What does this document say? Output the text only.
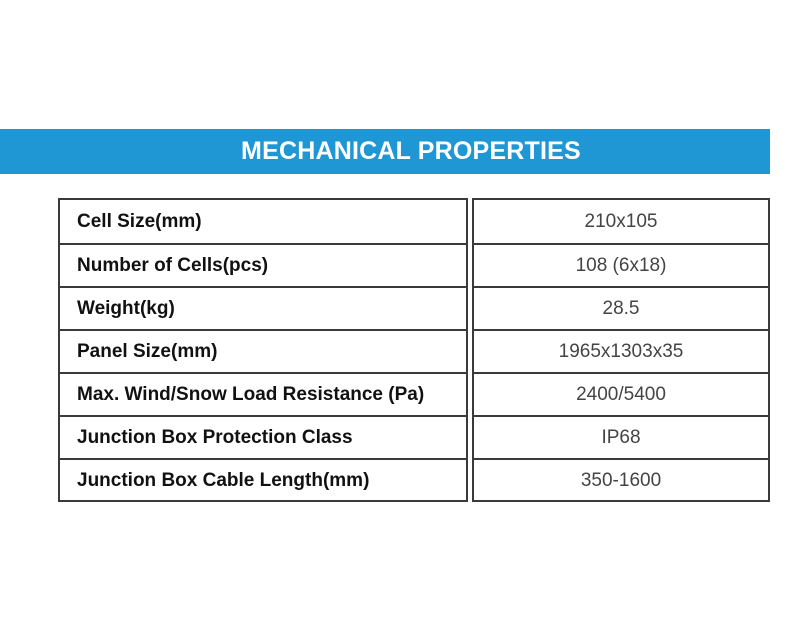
MECHANICAL PROPERTIES
Cell Size(mm)
Number of Cells(pcs)
Weight(kg)
Panel Size(mm)
Max. Wind/Snow Load Resistance (Pa)
Junction Box Protection Class
Junction Box Cable Length(mm)
210x105
108 (6x18)
28.5
1965x1303x35
2400/5400
IP68
350-1600
